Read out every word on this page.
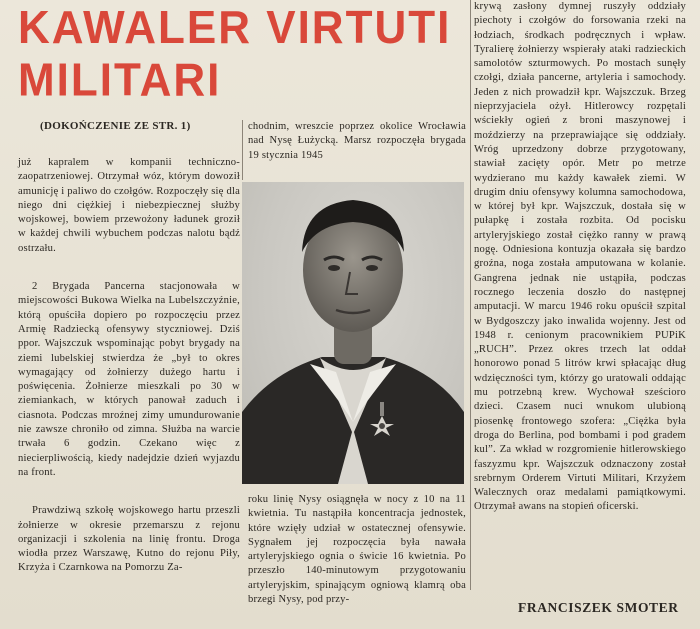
KAWALER VIRTUTI
MILITARI
(DOKOŃCZENIE ZE STR. 1)

już kapralem w kompanii techniczno-zaopatrzeniowej. Otrzymał wóz, którym dowoził amunicję i paliwo do czołgów. Rozpoczęły się dla niego dni ciężkiej i niebezpiecznej służby wojskowej, bowiem przewożony ładunek groził w każdej chwili wybuchem podczas nalotu bądź ostrzału.

2 Brygada Pancerna stacjonowała w miejscowości Bukowa Wielka na Lubelszczyźnie, którą opuściła dopiero po rozpoczęciu przez Armię Radziecką ofensywy styczniowej. Dziś ppor. Wajszczuk wspominając pobyt brygady na ziemi lubelskiej stwierdza że „był to okres wymagający od żołnierzy dużego hartu i poświęcenia. Żołnierze mieszkali po 30 w ziemiankach, w których panował zaduch i ciasnota. Podczas mroźnej zimy umundurowanie nie zawsze chroniło od zimna. Służba na warcie trwała 6 godzin. Czekano więc z niecierpliwością, kiedy nadejdzie dzień wyjazdu na front.

Prawdziwą szkołę wojskowego hartu przeszli żołnierze w okresie przemarszu z rejonu organizacji i szkolenia na linię frontu. Droga wiodła przez Warszawę, Kutno do rejonu Piły, Krzyża i Czarnkowa na Pomorzu Za-

chodnim, wreszcie poprzez okolice Wrocławia nad Nysę Łużycką. Marsz rozpoczęła brygada 19 stycznia 1945

roku linię Nysy osiągnęła w nocy z 10 na 11 kwietnia. Tu nastąpiła koncentracja jednostek, które wzięły udział w ostatecznej ofensywie. Sygnałem jej rozpoczęcia była nawała artyleryjskiego ognia o świcie 16 kwietnia. Po przeszło 140-minutowym przygotowaniu artyleryjskim, spinającym ogniową klamrą oba brzegi Nysy, pod przy-

krywą zasłony dymnej ruszyły oddziały piechoty i czołgów do forsowania rzeki na łodziach, środkach podręcznych i wpław. Tyralierę żołnierzy wspierały ataki radzieckich samolotów szturmowych. Po mostach sunęły czołgi, działa pancerne, artyleria i samochody. Jeden z nich prowadził kpr. Wajszczuk. Brzeg nieprzyjaciela ożył. Hitlerowcy rozpętali wściekły ogień z broni maszynowej i moździerzy na przeprawiające się oddziały. Wróg uprzedzony dobrze przygotowany, stawiał zacięty opór. Metr po metrze wydzierano mu każdy kawałek ziemi. W drugim dniu ofensywy kolumna samochodowa, w której był kpr. Wajszczuk, dostała się w pułapkę i została rozbita. Od pocisku artyleryjskiego został ciężko ranny w prawą nogę. Odniesiona kontuzja okazała się bardzo groźna, noga została amputowana w kolanie. Gangrena jednak nie ustąpiła, podczas rocznego leczenia doszło do następnej amputacji. W marcu 1946 roku opuścił szpital w Bydgoszczy jako inwalida wojenny. Jest od 1948 r. cenionym pracownikiem PUPiK „RUCH”. Przez okres trzech lat oddał honorowo ponad 5 litrów krwi spłacając dług wdzięczności tym, którzy go uratowali oddając mu potrzebną krew. Wychował sześcioro dzieci. Czasem nuci wnukom ulubioną piosenkę frontowego szofera: „Ciężka była droga do Berlina, pod bombami i pod gradem kul”. Za wkład w rozgromienie hitlerowskiego faszyzmu kpr. Wajszczuk odznaczony został srebrnym Orderem Virtuti Militari, Krzyżem Walecznych oraz medalami pamiątkowymi. Otrzymał awans na stopień oficerski.

FRANCISZEK SMOTER
